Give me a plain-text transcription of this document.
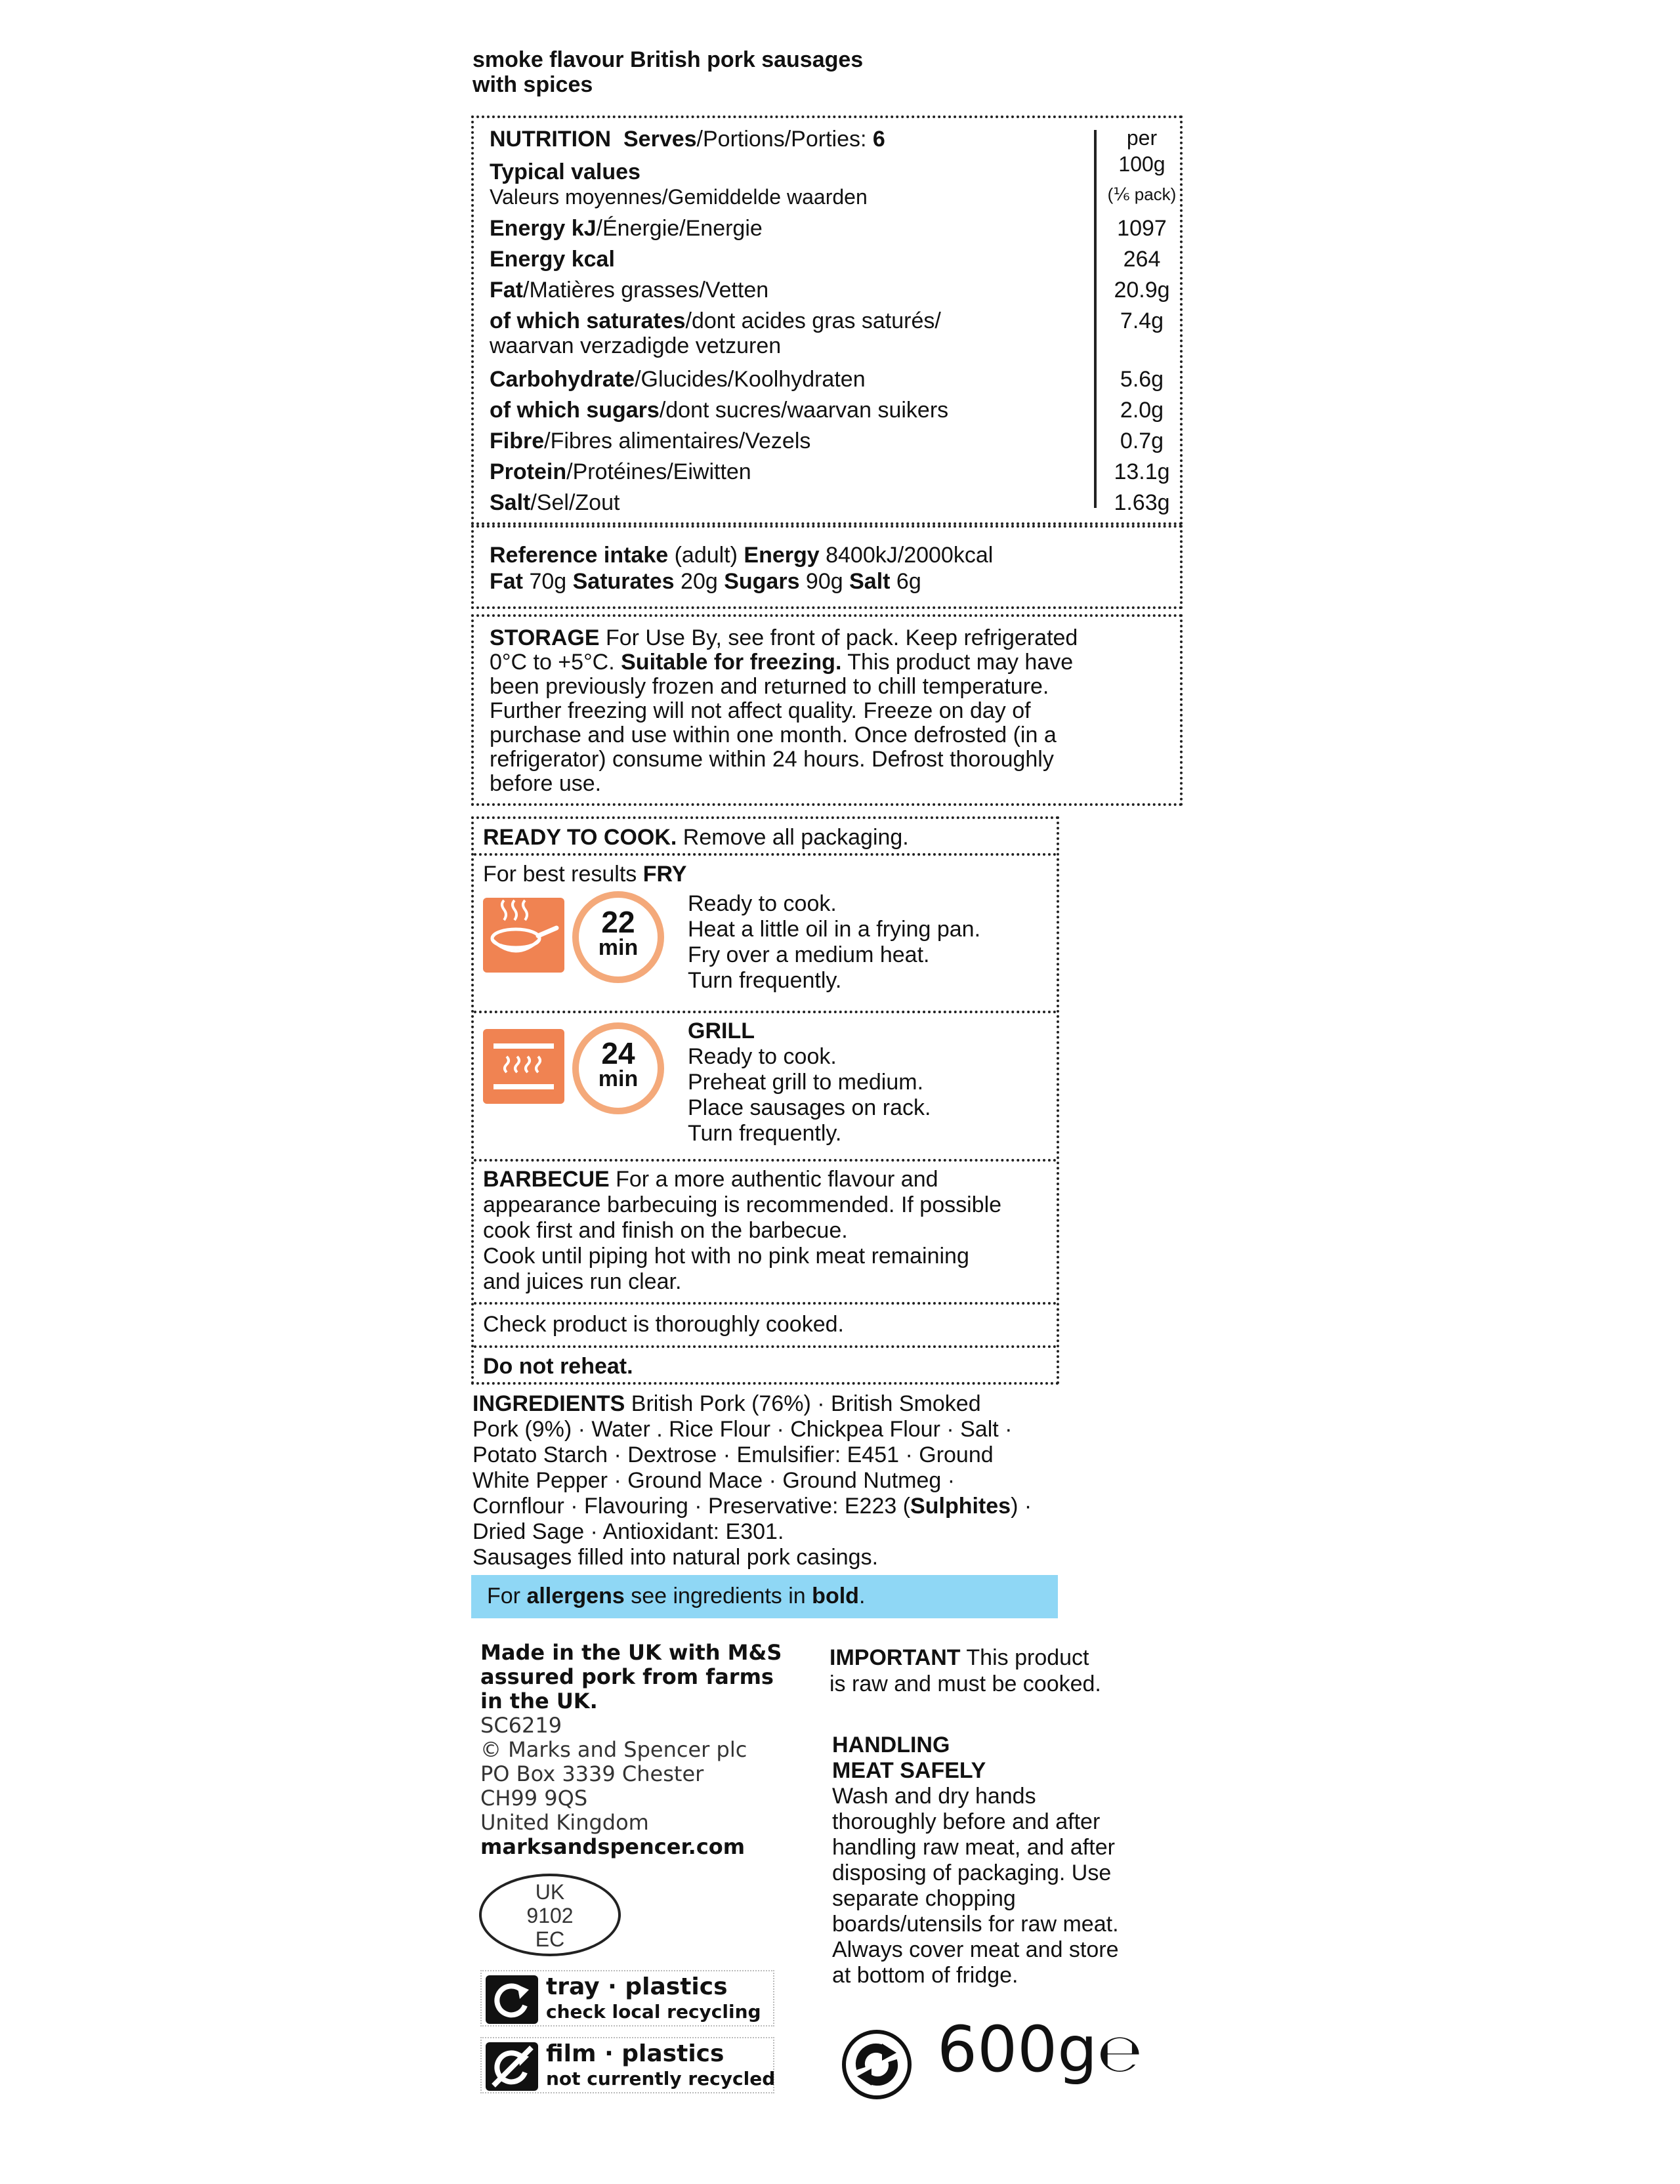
smoke flavour British pork sausages
with spices
NUTRITION Serves/Portions/Porties: 6
Typical values
Valeurs moyennes/Gemiddelde waarden
per
100g
(⅙ pack)
Energy kJ/Énergie/Energie	1097
Energy kcal	264
Fat/Matières grasses/Vetten	20.9g
of which saturates/dont acides gras saturés/
waarvan verzadigde vetzuren
7.4g
Carbohydrate/Glucides/Koolhydraten	5.6g
of which sugars/dont sucres/waarvan suikers	2.0g
Fibre/Fibres alimentaires/Vezels	0.7g
Protein/Protéines/Eiwitten	13.1g
Salt/Sel/Zout	1.63g
Reference intake (adult) Energy 8400kJ/2000kcal
Fat 70g Saturates 20g Sugars 90g Salt 6g
STORAGE For Use By, see front of pack. Keep refrigerated
0°C to +5°C. Suitable for freezing. This product may have
been previously frozen and returned to chill temperature.
Further freezing will not affect quality. Freeze on day of
purchase and use within one month. Once defrosted (in a
refrigerator) consume within 24 hours. Defrost thoroughly
before use.
READY TO COOK. Remove all packaging.
For best results FRY
22
min
Ready to cook.
Heat a little oil in a frying pan.
Fry over a medium heat.
Turn frequently.
24
min
GRILL
Ready to cook.
Preheat grill to medium.
Place sausages on rack.
Turn frequently.
BARBECUE For a more authentic flavour and
appearance barbecuing is recommended. If possible
cook first and finish on the barbecue.
Cook until piping hot with no pink meat remaining
and juices run clear.
Check product is thoroughly cooked.
Do not reheat.
INGREDIENTS British Pork (76%) · British Smoked
Pork (9%) · Water . Rice Flour · Chickpea Flour · Salt ·
Potato Starch · Dextrose · Emulsifier: E451 · Ground
White Pepper · Ground Mace · Ground Nutmeg ·
Cornflour · Flavouring · Preservative: E223 (Sulphites) ·
Dried Sage · Antioxidant: E301.
Sausages filled into natural pork casings.
For allergens see ingredients in bold.
Made in the UK with M&S
assured pork from farms
in the UK.
SC6219
© Marks and Spencer plc
PO Box 3339 Chester
CH99 9QS
United Kingdom
marksandspencer.com
UK
9102
EC
tray · plastics
check local recycling
film · plastics
not currently recycled
IMPORTANT This product
is raw and must be cooked.
HANDLING
MEAT SAFELY
Wash and dry hands
thoroughly before and after
handling raw meat, and after
disposing of packaging. Use
separate chopping
boards/utensils for raw meat.
Always cover meat and store
at bottom of fridge.
600g℮
